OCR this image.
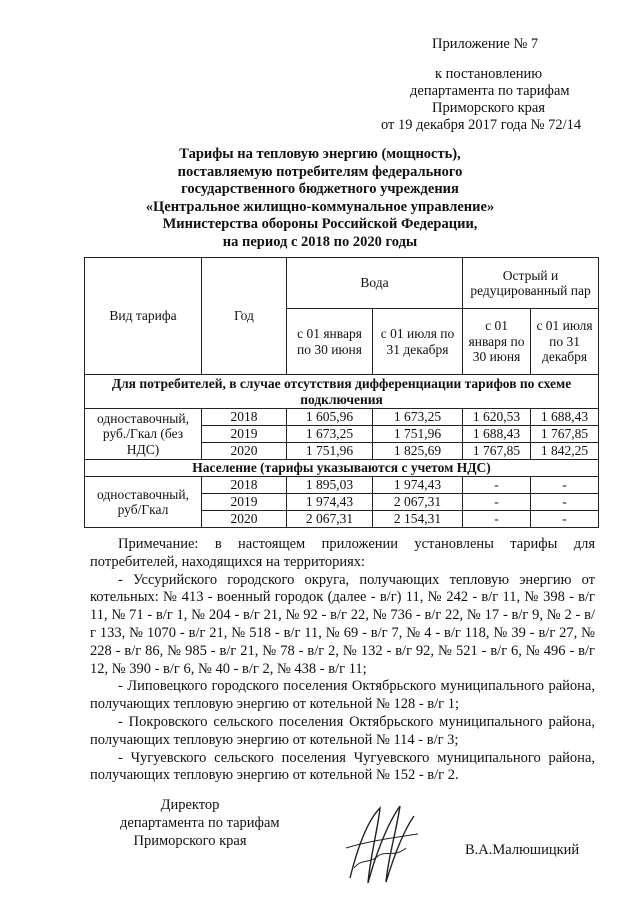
Приложение № 7
к постановлению
департамента по тарифам
Приморского края
от 19 декабря 2017 года № 72/14
Тарифы на тепловую энергию (мощность),
поставляемую потребителям федерального
государственного бюджетного учреждения
«Центральное жилищно-коммунальное управление»
Министерства обороны Российской Федерации,
на период с 2018 по 2020 годы
Вид тарифа	Год	Вода		Острый и редуцированный пар	
		с 01 января по 30 июня	с 01 июля по 31 декабря	с 01 января по 30 июня	с 01 июля по 31 декабря
Для потребителей, в случае отсутствия дифференциации тарифов по схеме подключения					
одноставочный, руб./Гкал (без НДС)	2018	1 605,96	1 673,25	1 620,53	1 688,43
	2019	1 673,25	1 751,96	1 688,43	1 767,85
	2020	1 751,96	1 825,69	1 767,85	1 842,25
Население (тарифы указываются с учетом НДС)					
одноставочный, руб/Гкал	2018	1 895,03	1 974,43	-	-
	2019	1 974,43	2 067,31	-	-
	2020	2 067,31	2 154,31	-	-

Примечание: в настоящем приложении установлены тарифы для потребителей, находящихся на территориях:

- Уссурийского городского округа, получающих тепловую энергию от котельных: № 413 - военный городок (далее - в/г) 11, № 242 - в/г 11, № 398 - в/г 11, № 71 - в/г 1, № 204 - в/г 21, № 92 - в/г 22, № 736 - в/г 22, № 17 - в/г 9, № 2 - в/г 133, № 1070 - в/г 21, № 518 - в/г 11, № 69 - в/г 7, № 4 - в/г 118, № 39 - в/г 27, № 228 - в/г 86, № 985 - в/г 21, № 78 - в/г 2, № 132 - в/г 92, № 521 - в/г 6, № 496 - в/г 12, № 390 - в/г 6, № 40 - в/г 2, № 438 - в/г 11;

- Липовецкого городского поселения Октябрьского муниципального района, получающих тепловую энергию от котельной № 128 - в/г 1;

- Покровского сельского поселения Октябрьского муниципального района, получающих тепловую энергию от котельной № 114 - в/г 3;

- Чугуевского сельского поселения Чугуевского муниципального района, получающих тепловую энергию от котельной № 152 - в/г 2.

Директор
департамента по тарифам
Приморского края
В.А.Малюшицкий
